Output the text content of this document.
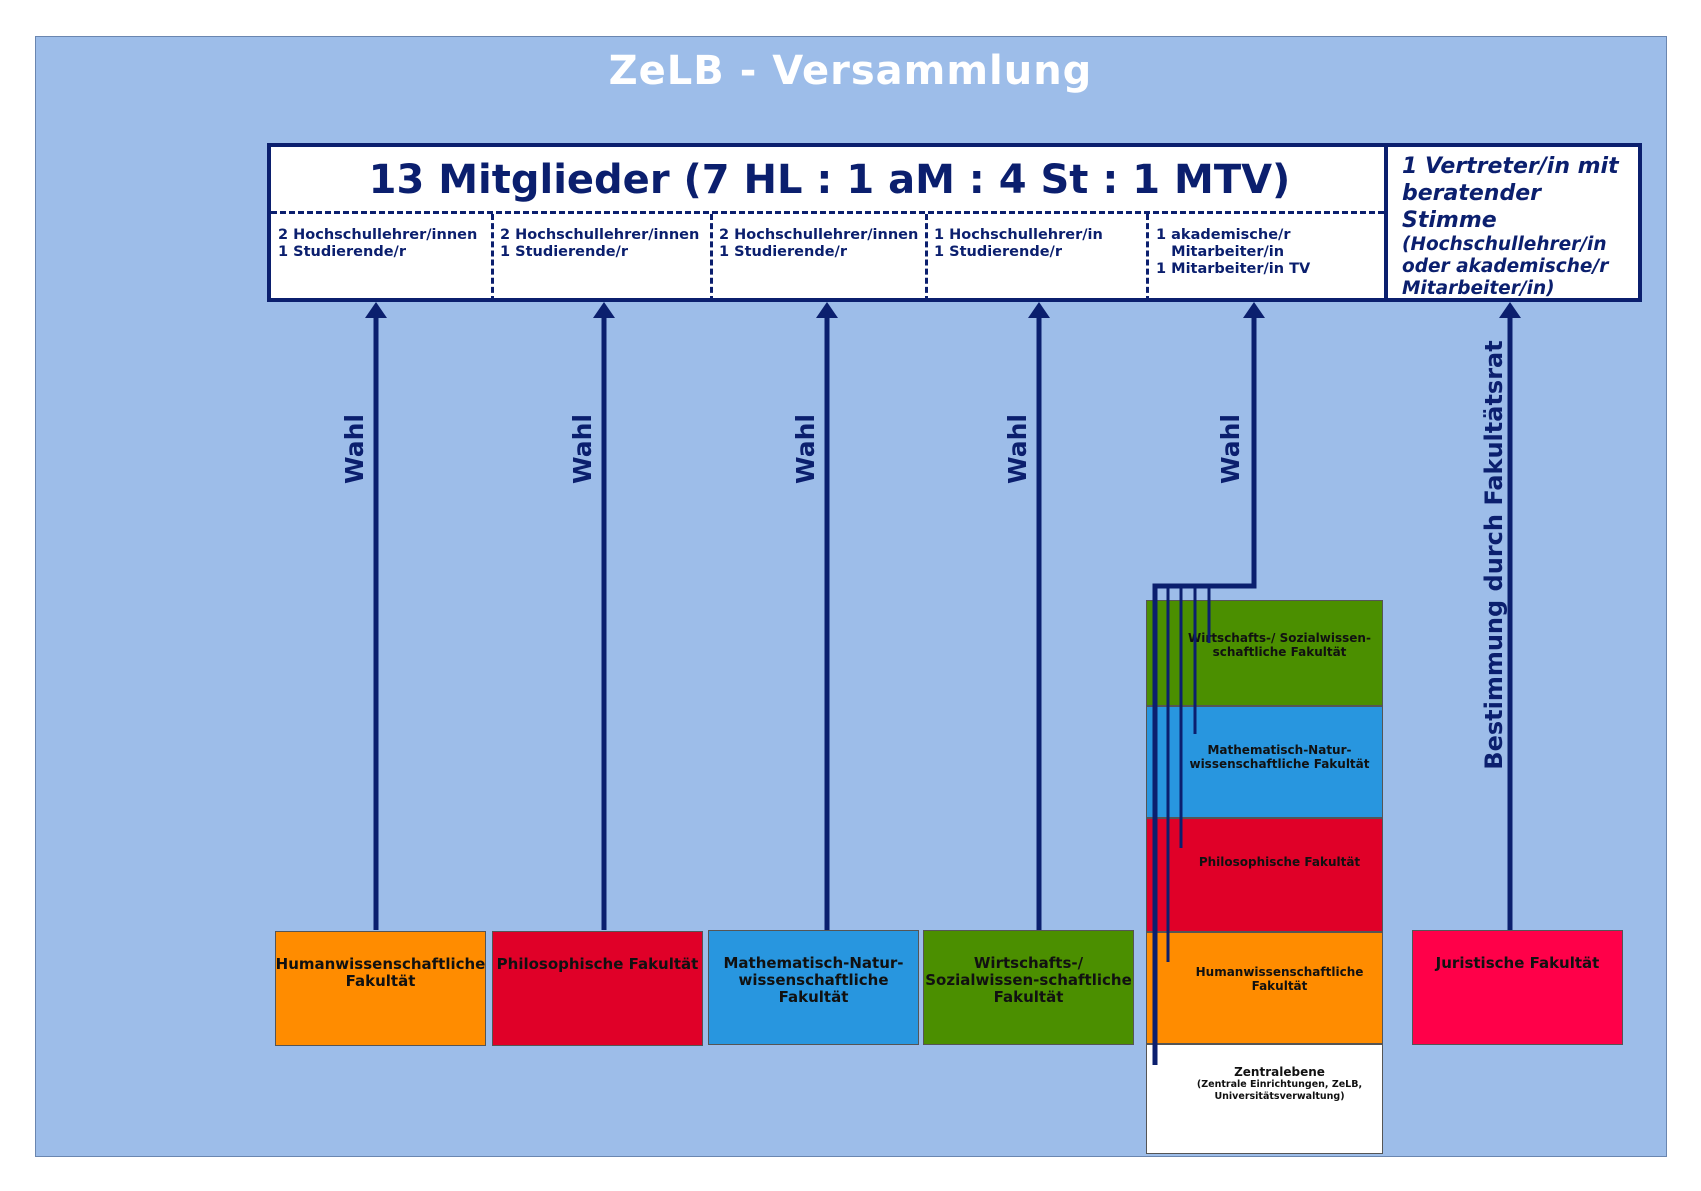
ZeLB - Versammlung
13 Mitglieder (7 HL : 1 aM : 4 St : 1 MTV)
2 Hochschullehrer/innen
1 Studierende/r
2 Hochschullehrer/innen
1 Studierende/r
2 Hochschullehrer/innen
1 Studierende/r
1 Hochschullehrer/in
1 Studierende/r
1 akademische/r
Mitarbeiter/in
1 Mitarbeiter/in TV
1 Vertreter/in mit beratender Stimme
(Hochschullehrer/in oder akademische/r Mitarbeiter/in)
Humanwissenschaftliche Fakultät
Philosophische Fakultät	Mathematisch-Natur-wissenschaftliche Fakultät
Wirtschafts-/ Sozialwissen-schaftliche Fakultät
Juristische Fakultät
Wirtschafts-/ Sozialwissen-schaftliche Fakultät
Mathematisch-Natur-wissenschaftliche Fakultät
Philosophische Fakultät
Humanwissenschaftliche Fakultät
Zentralebene
(Zentrale Einrichtungen, ZeLB, Universitätsverwaltung)
Wahl	Wahl	Wahl	Wahl	Wahl	Bestimmung durch Fakultätsrat
